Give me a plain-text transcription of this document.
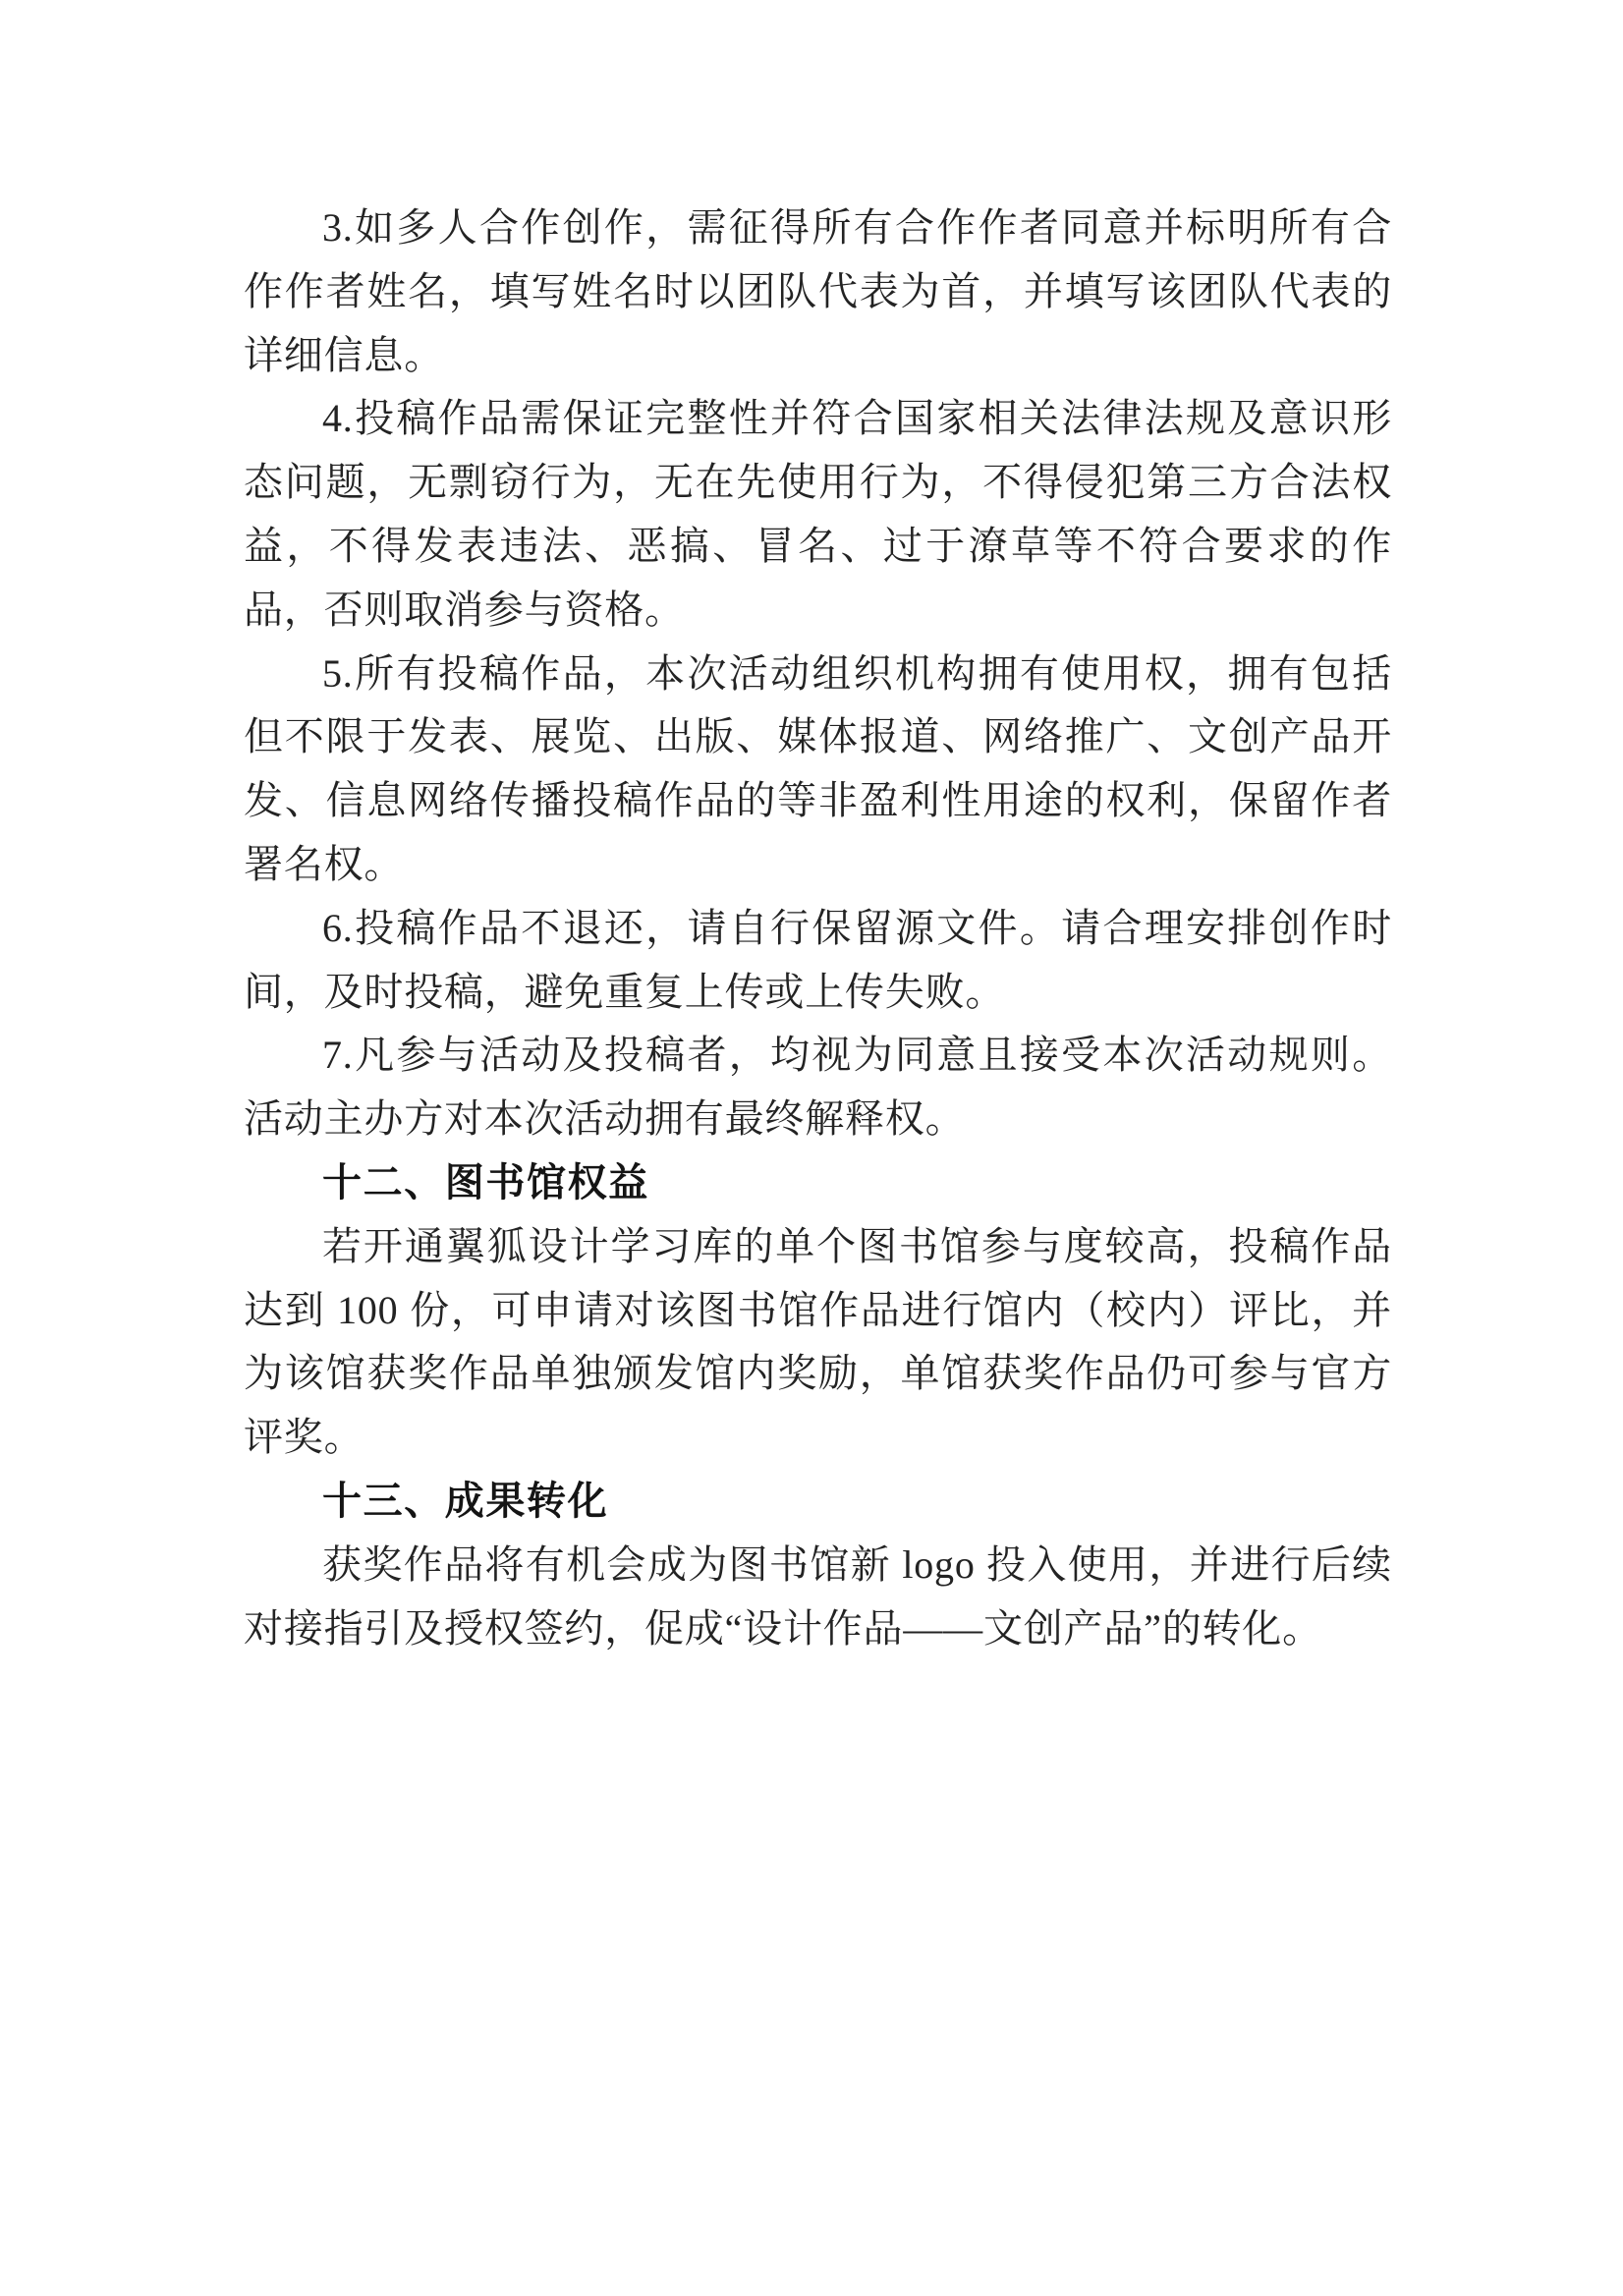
3.如多人合作创作，需征得所有合作作者同意并标明所有合作作者姓名，填写姓名时以团队代表为首，并填写该团队代表的详细信息。

4.投稿作品需保证完整性并符合国家相关法律法规及意识形态问题，无剽窃行为，无在先使用行为，不得侵犯第三方合法权益，不得发表违法、恶搞、冒名、过于潦草等不符合要求的作品，否则取消参与资格。

5.所有投稿作品，本次活动组织机构拥有使用权，拥有包括但不限于发表、展览、出版、媒体报道、网络推广、文创产品开发、信息网络传播投稿作品的等非盈利性用途的权利，保留作者署名权。

6.投稿作品不退还，请自行保留源文件。请合理安排创作时间，及时投稿，避免重复上传或上传失败。

7.凡参与活动及投稿者，均视为同意且接受本次活动规则。活动主办方对本次活动拥有最终解释权。

十二、图书馆权益

若开通翼狐设计学习库的单个图书馆参与度较高，投稿作品达到 100 份，可申请对该图书馆作品进行馆内（校内）评比，并为该馆获奖作品单独颁发馆内奖励，单馆获奖作品仍可参与官方评奖。

十三、成果转化

获奖作品将有机会成为图书馆新 logo 投入使用，并进行后续对接指引及授权签约，促成“设计作品——文创产品”的转化。
